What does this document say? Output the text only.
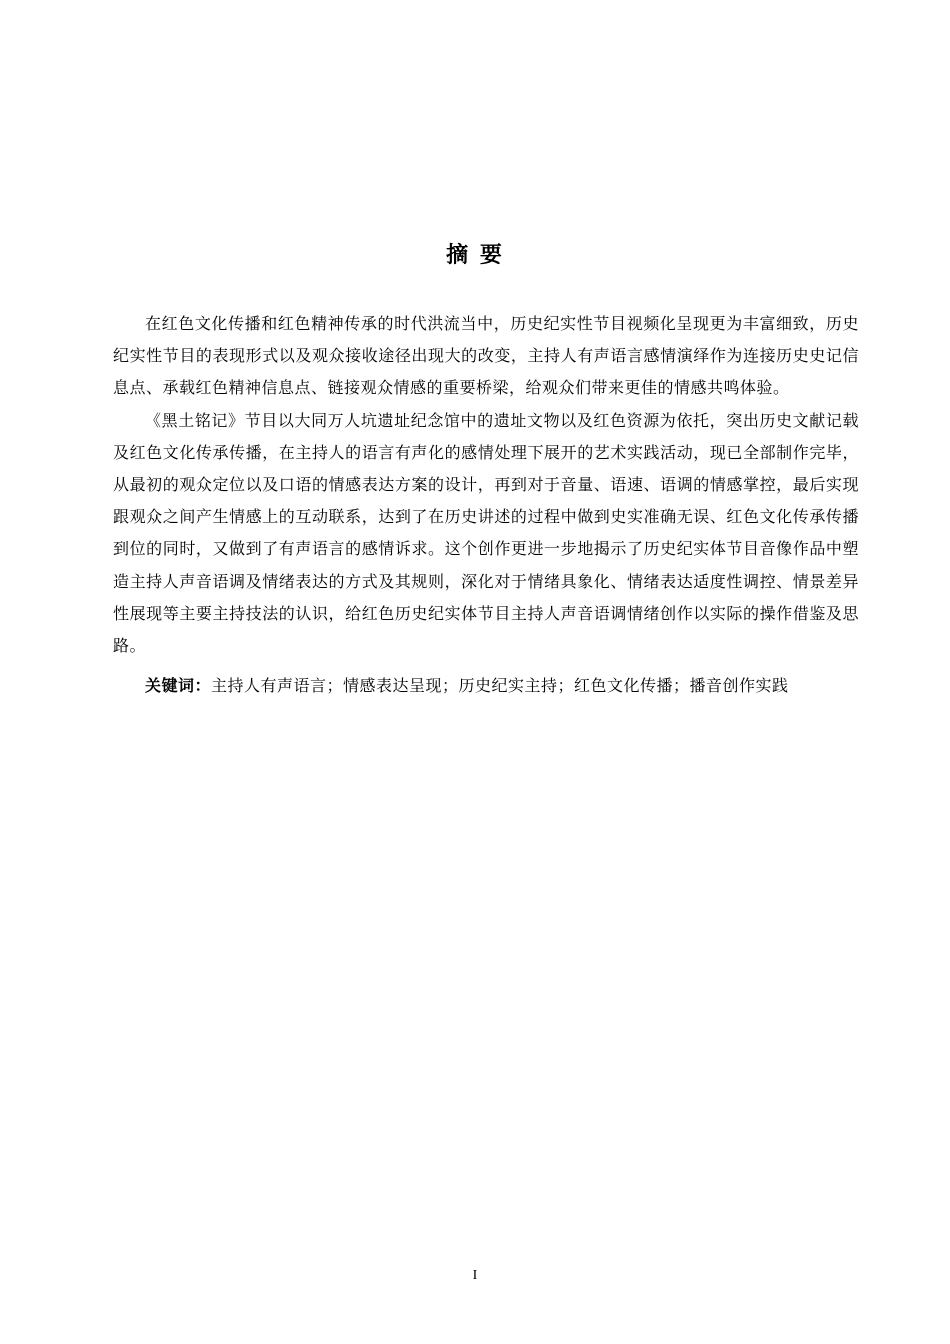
摘 要

在红色文化传播和红色精神传承的时代洪流当中，历史纪实性节目视频化呈现更为丰富细致，历史纪实性节目的表现形式以及观众接收途径出现大的改变，主持人有声语言感情演绎作为连接历史史记信息点、承载红色精神信息点、链接观众情感的重要桥梁，给观众们带来更佳的情感共鸣体验。

《黑土铭记》节目以大同万人坑遗址纪念馆中的遗址文物以及红色资源为依托，突出历史文献记载及红色文化传承传播，在主持人的语言有声化的感情处理下展开的艺术实践活动，现已全部制作完毕，从最初的观众定位以及口语的情感表达方案的设计，再到对于音量、语速、语调的情感掌控，最后实现跟观众之间产生情感上的互动联系，达到了在历史讲述的过程中做到史实准确无误、红色文化传承传播到位的同时，又做到了有声语言的感情诉求。这个创作更进一步地揭示了历史纪实体节目音像作品中塑造主持人声音语调及情绪表达的方式及其规则，深化对于情绪具象化、情绪表达适度性调控、情景差异性展现等主要主持技法的认识，给红色历史纪实体节目主持人声音语调情绪创作以实际的操作借鉴及思路。

关键词：主持人有声语言；情感表达呈现；历史纪实主持；红色文化传播；播音创作实践

I
